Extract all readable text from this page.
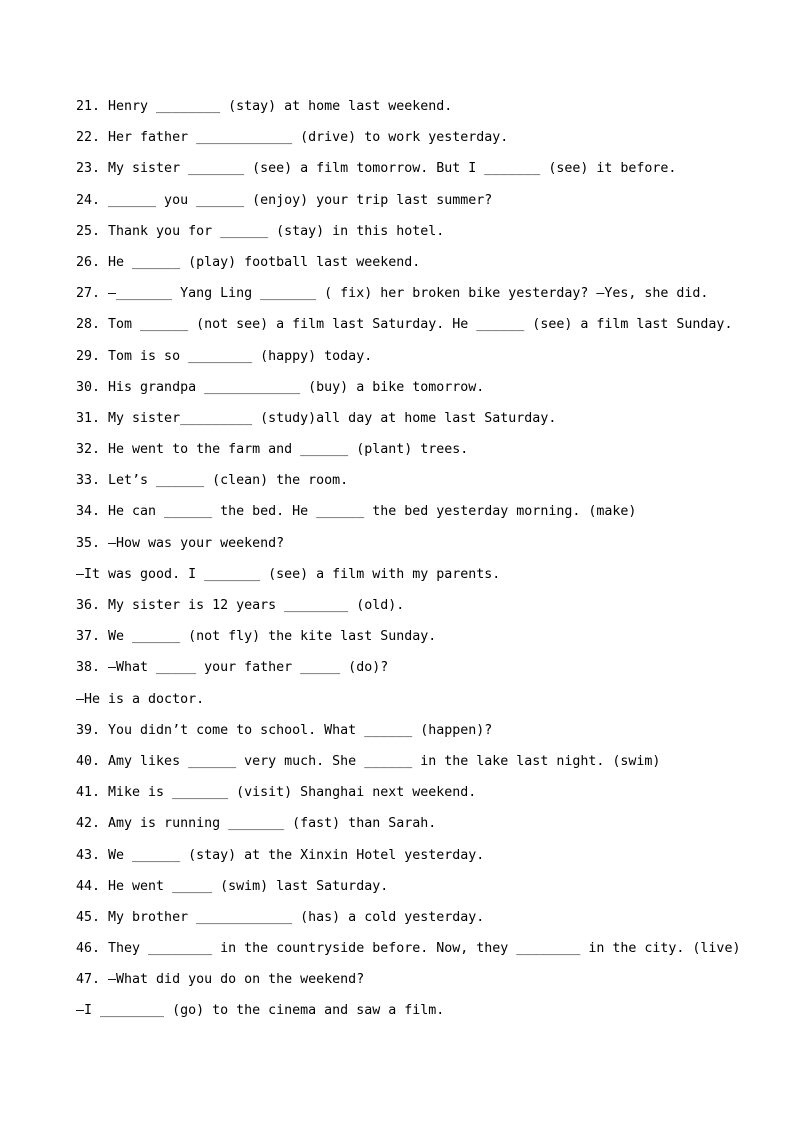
21. Henry ________ (stay) at home last weekend.
22. Her father ____________ (drive) to work yesterday.
23. My sister _______ (see) a film tomorrow. But I _______ (see) it before.
24. ______ you ______ (enjoy) your trip last summer?
25. Thank you for ______ (stay) in this hotel.
26. He ______ (play) football last weekend.
27. —_______ Yang Ling _______ ( fix) her broken bike yesterday? —Yes, she did.
28. Tom ______ (not see) a film last Saturday. He ______ (see) a film last Sunday.
29. Tom is so ________ (happy) today.
30. His grandpa ____________ (buy) a bike tomorrow.
31. My sister_________ (study)all day at home last Saturday.
32. He went to the farm and ______ (plant) trees.
33. Let’s ______ (clean) the room.
34. He can ______ the bed. He ______ the bed yesterday morning. (make)
35. —How was your weekend?
—It was good. I _______ (see) a film with my parents.
36. My sister is 12 years ________ (old).
37. We ______ (not fly) the kite last Sunday.
38. —What _____ your father _____ (do)?
—He is a doctor.
39. You didn’t come to school. What ______ (happen)?
40. Amy likes ______ very much. She ______ in the lake last night. (swim)
41. Mike is _______ (visit) Shanghai next weekend.
42. Amy is running _______ (fast) than Sarah.
43. We ______ (stay) at the Xinxin Hotel yesterday.
44. He went _____ (swim) last Saturday.
45. My brother ____________ (has) a cold yesterday.
46. They ________ in the countryside before. Now, they ________ in the city. (live)
47. —What did you do on the weekend?
—I ________ (go) to the cinema and saw a film.
